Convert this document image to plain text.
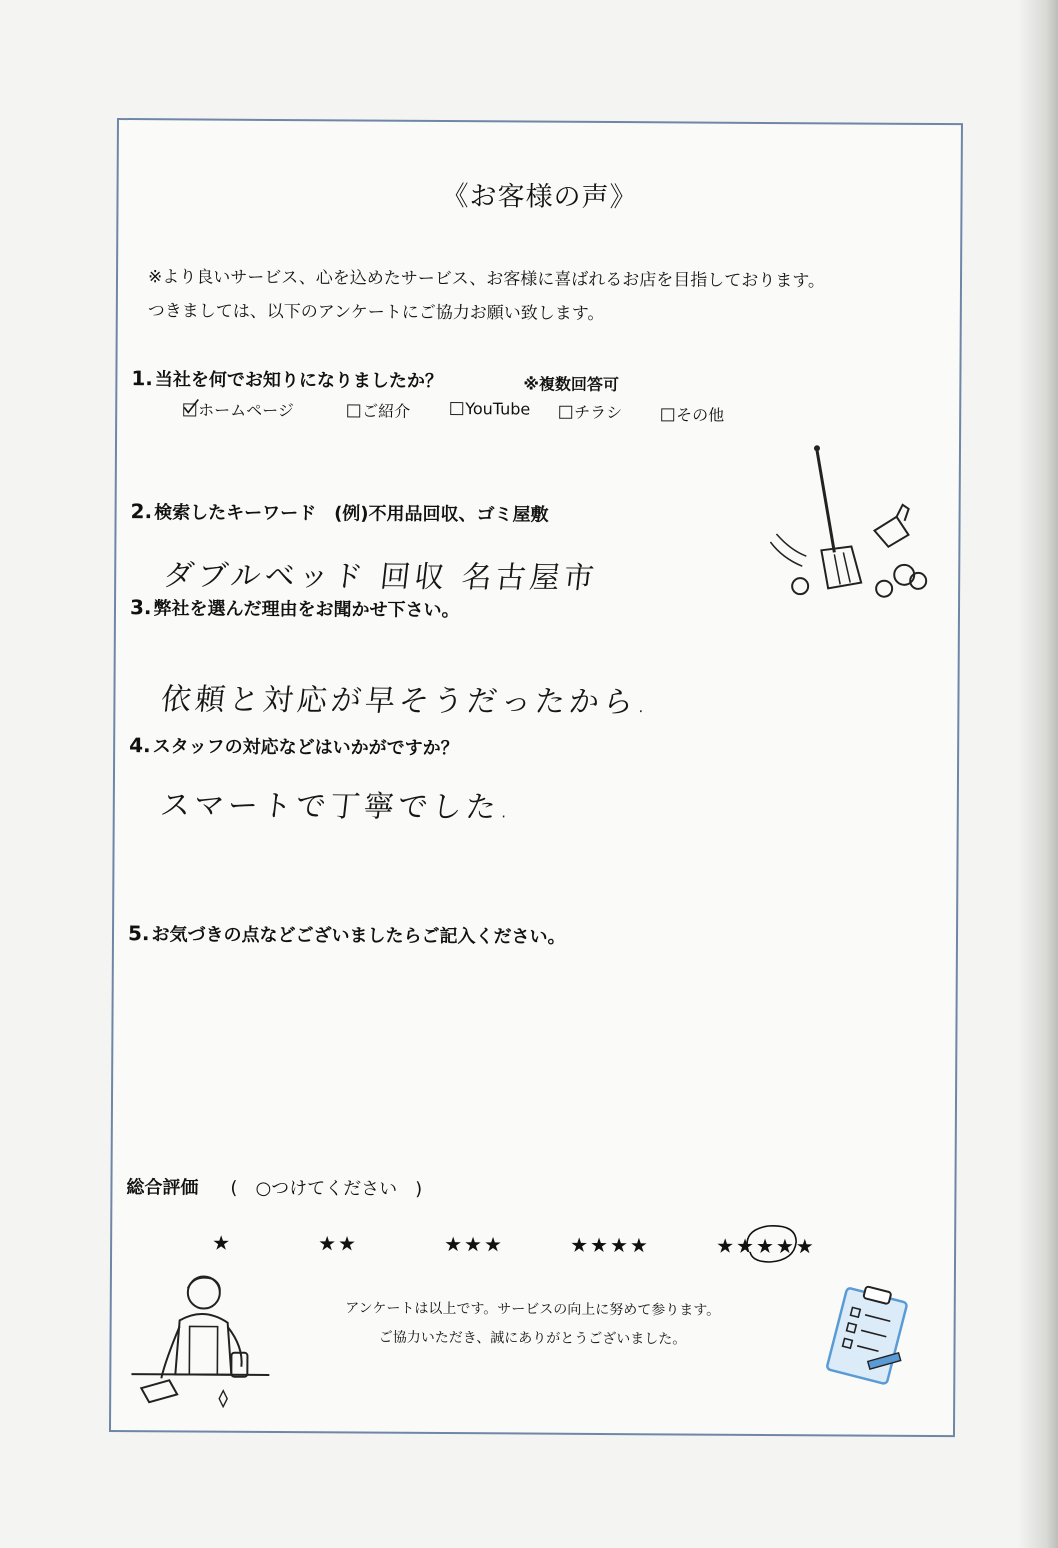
《お客様の声》
※より良いサービス、心を込めたサービス、お客様に喜ばれるお店を目指しております。
つきましては、以下のアンケートにご協力お願い致します。
1. 当社を何でお知りになりましたか？	※複数回答可
ホームページ	ご紹介	YouTube	チラシ	その他
2. 検索したキーワード　(例)不用品回収、ゴミ屋敷
ダブルベッド 回収 名古屋市
3. 弊社を選んだ理由をお聞かせ下さい。
依頼と対応が早そうだったから.
4. スタッフの対応などはいかがですか？
スマートで丁寧でした.
5. お気づきの点などございましたらご記入ください。
総合評価 (　○つけてください　)
★	★★	★★★	★★★★	★★★★★
アンケートは以上です。サービスの向上に努めて参ります。
ご協力いただき、誠にありがとうございました。
